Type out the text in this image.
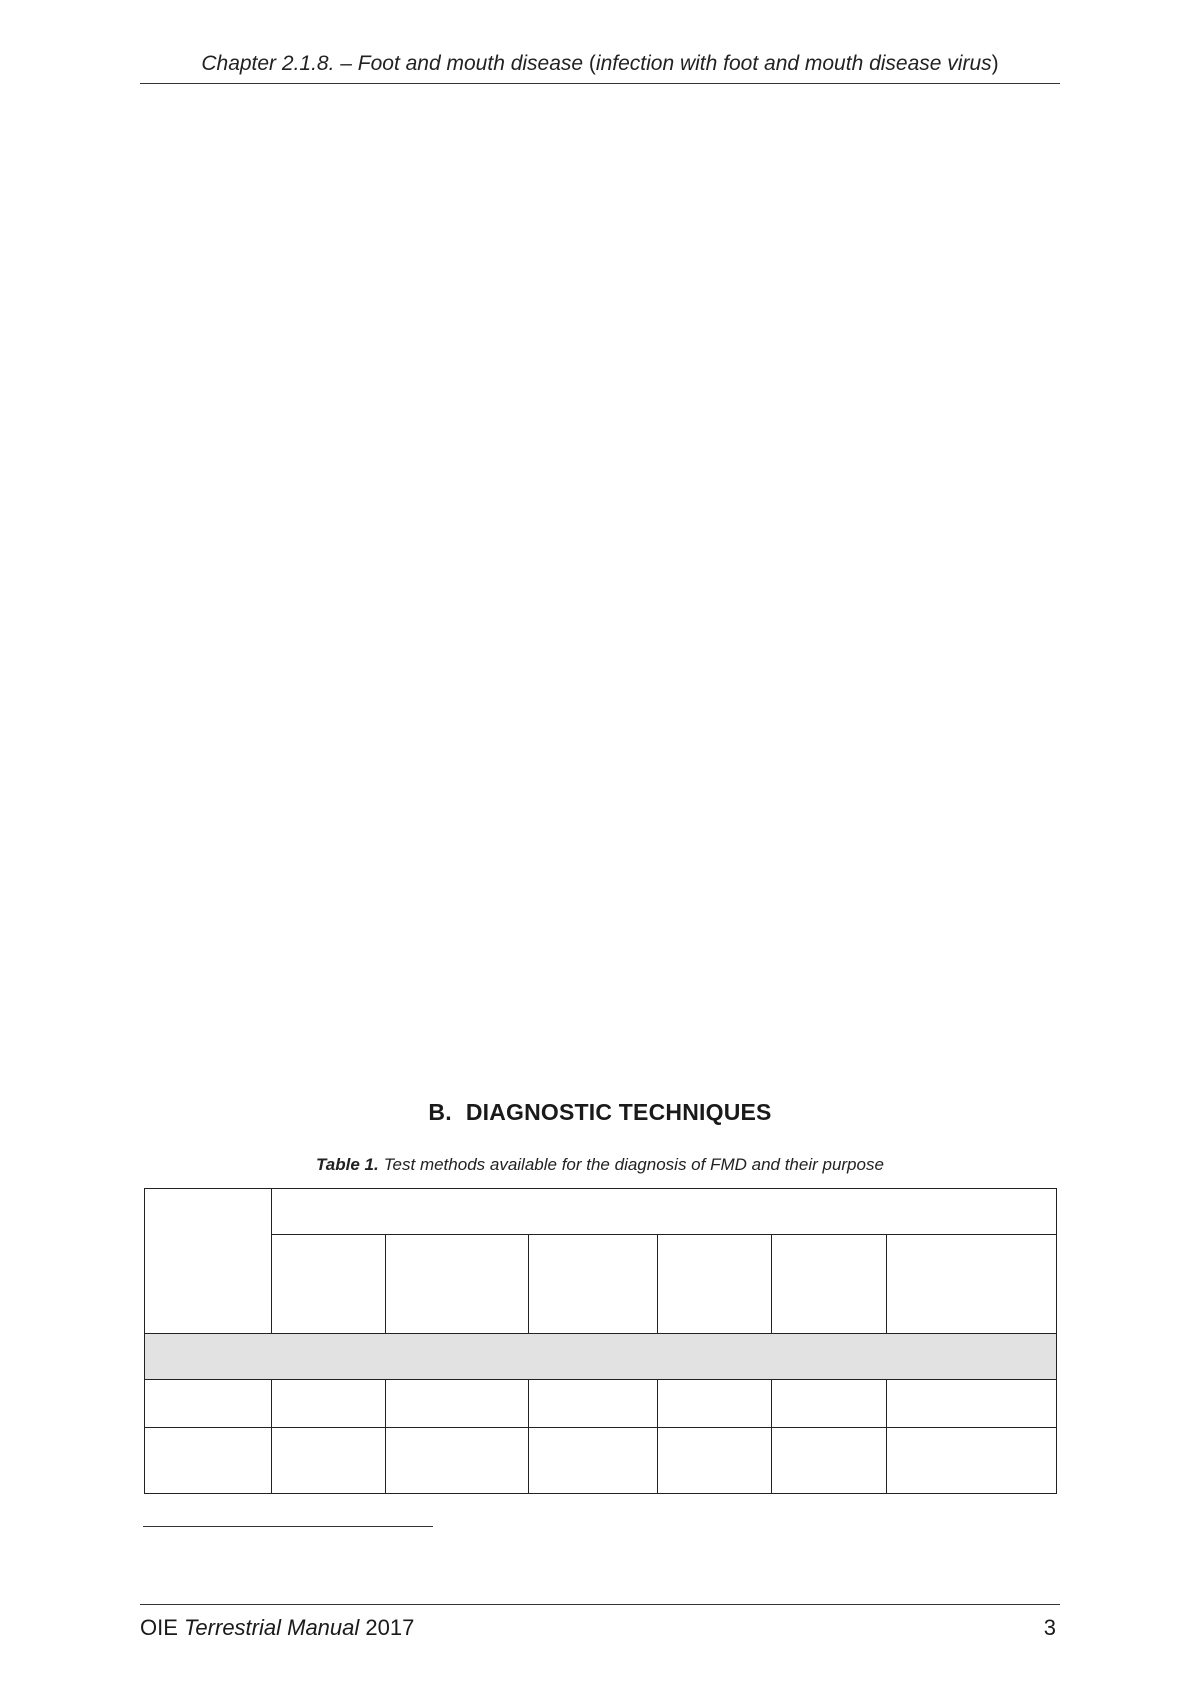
Chapter 2.1.8. – Foot and mouth disease (infection with foot and mouth disease virus)
B. DIAGNOSTIC TECHNIQUES
Table 1. Test methods available for the diagnosis of FMD and their purpose

OIE Terrestrial Manual 2017	3
